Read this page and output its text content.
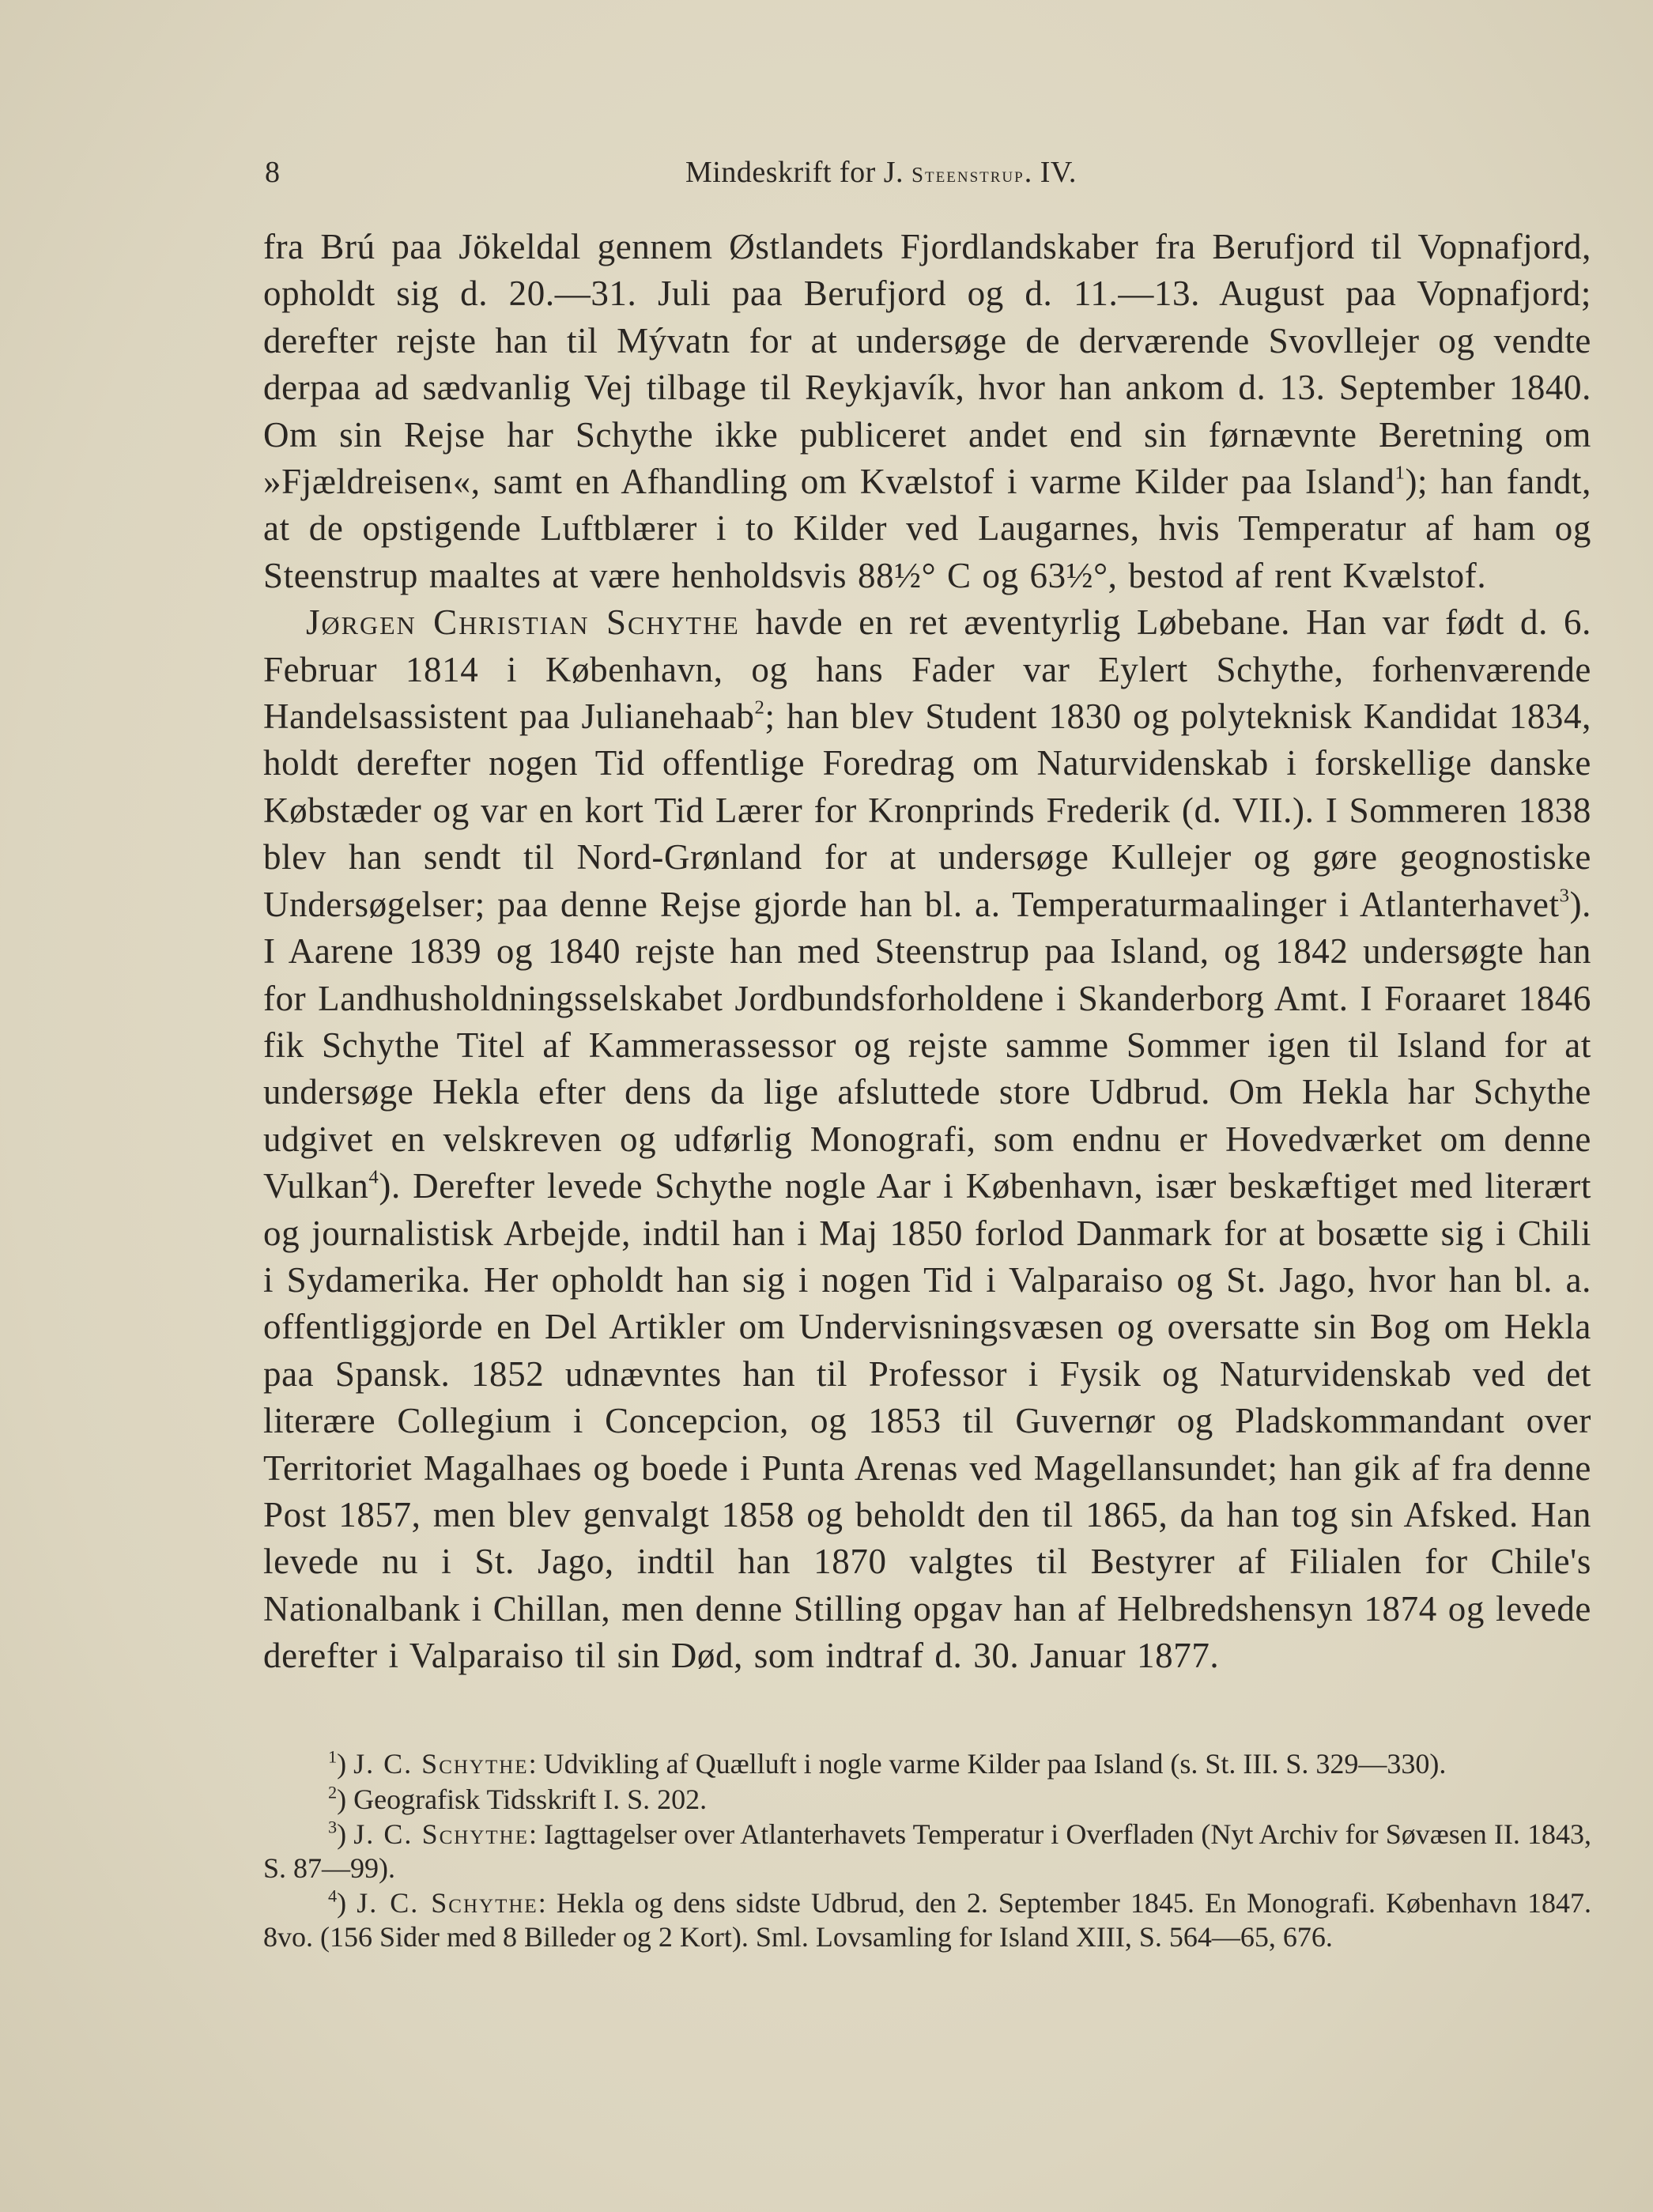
8	Mindeskrift for J. Steenstrup. IV.

fra Brú paa Jökeldal gennem Østlandets Fjordlandskaber fra Berufjord til Vopnafjord, opholdt sig d. 20.—31. Juli paa Berufjord og d. 11.—13. August paa Vopnafjord; derefter rejste han til Mývatn for at undersøge de derværende Svovllejer og vendte derpaa ad sædvanlig Vej tilbage til Reykjavík, hvor han ankom d. 13. September 1840. Om sin Rejse har Schythe ikke publiceret andet end sin førnævnte Beretning om »Fjældreisen«, samt en Afhandling om Kvælstof i varme Kilder paa Island$^1$); han fandt, at de opstigende Luftblærer i to Kilder ved Laugarnes, hvis Temperatur af ham og Steenstrup maaltes at være henholdsvis 88½° C og 63½°, bestod af rent Kvælstof.

Jørgen Christian Schythe havde en ret æventyrlig Løbebane. Han var født d. 6. Februar 1814 i København, og hans Fader var Eylert Schythe, forhenværende Handelsassistent paa Julianehaab$^2$; han blev Student 1830 og polyteknisk Kandidat 1834, holdt derefter nogen Tid offentlige Foredrag om Naturvidenskab i forskellige danske Købstæder og var en kort Tid Lærer for Kronprinds Frederik (d. VII.). I Sommeren 1838 blev han sendt til Nord-Grønland for at undersøge Kullejer og gøre geognostiske Undersøgelser; paa denne Rejse gjorde han bl. a. Temperaturmaalinger i Atlanterhavet$^3$). I Aarene 1839 og 1840 rejste han med Steenstrup paa Island, og 1842 undersøgte han for Landhusholdningsselskabet Jordbundsforholdene i Skanderborg Amt. I Foraaret 1846 fik Schythe Titel af Kammerassessor og rejste samme Sommer igen til Island for at undersøge Hekla efter dens da lige afsluttede store Udbrud. Om Hekla har Schythe udgivet en velskreven og udførlig Monografi, som endnu er Hovedværket om denne Vulkan$^4$). Derefter levede Schythe nogle Aar i København, især beskæftiget med literært og journalistisk Arbejde, indtil han i Maj 1850 forlod Danmark for at bosætte sig i Chili i Sydamerika. Her opholdt han sig i nogen Tid i Valparaiso og St. Jago, hvor han bl. a. offentliggjorde en Del Artikler om Undervisningsvæsen og oversatte sin Bog om Hekla paa Spansk. 1852 udnævntes han til Professor i Fysik og Naturvidenskab ved det literære Collegium i Concepcion, og 1853 til Guvernør og Pladskommandant over Territoriet Magalhaes og boede i Punta Arenas ved Magellansundet; han gik af fra denne Post 1857, men blev genvalgt 1858 og beholdt den til 1865, da han tog sin Afsked. Han levede nu i St. Jago, indtil han 1870 valgtes til Bestyrer af Filialen for Chile's Nationalbank i Chillan, men denne Stilling opgav han af Helbredshensyn 1874 og levede derefter i Valparaiso til sin Død, som indtraf d. 30. Januar 1877.

$^1$) J. C. Schythe: Udvikling af Quælluft i nogle varme Kilder paa Island (s. St. III. S. 329—330).

$^2$) Geografisk Tidsskrift I. S. 202.

$^3$) J. C. Schythe: Iagttagelser over Atlanterhavets Temperatur i Overfladen (Nyt Archiv for Søvæsen II. 1843, S. 87—99).

$^4$) J. C. Schythe: Hekla og dens sidste Udbrud, den 2. September 1845. En Monografi. København 1847. 8vo. (156 Sider med 8 Billeder og 2 Kort). Sml. Lovsamling for Island XIII, S. 564—65, 676.
